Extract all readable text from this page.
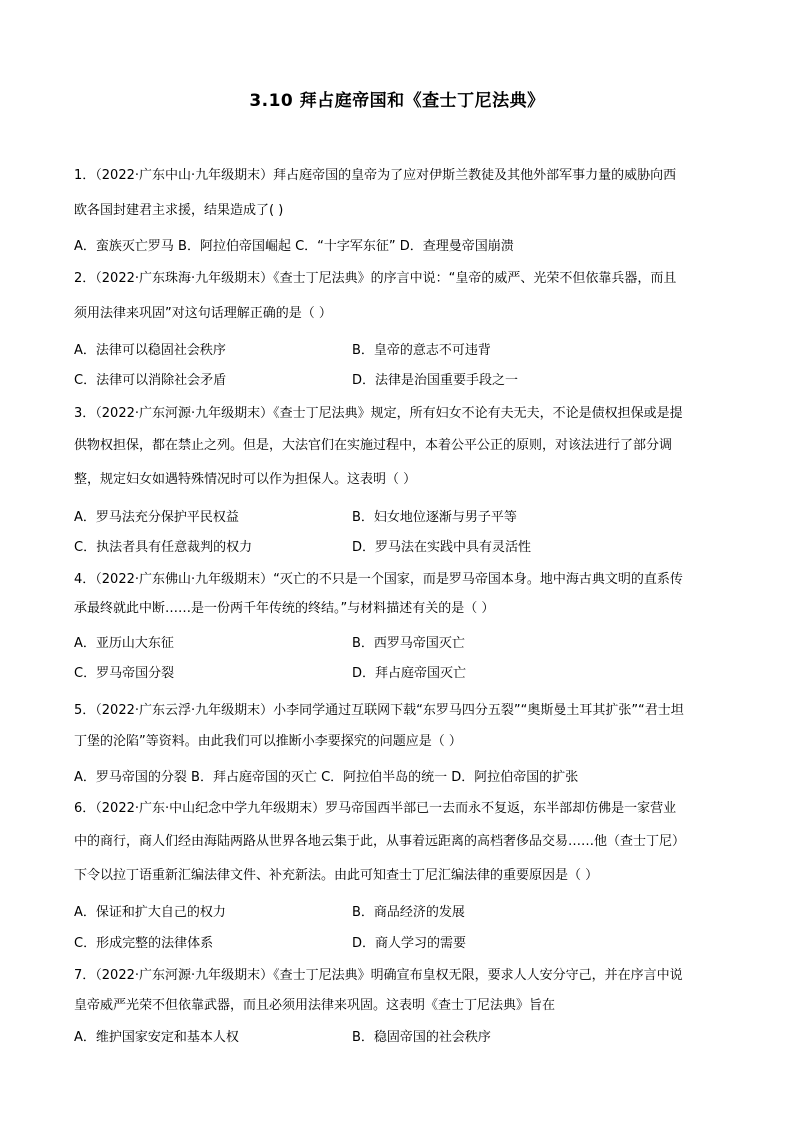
3.10 拜占庭帝国和《查士丁尼法典》
1．（2022·广东中山·九年级期末）拜占庭帝国的皇帝为了应对伊斯兰教徒及其他外部军事力量的威胁向西
欧各国封建君主求援，结果造成了( )
A．蛮族灭亡罗马 B．阿拉伯帝国崛起 C．“十字军东征” D．查理曼帝国崩溃
2．（2022·广东珠海·九年级期末）《查士丁尼法典》的序言中说：“皇帝的威严、光荣不但依靠兵器，而且
须用法律来巩固”对这句话理解正确的是（ ）
A．法律可以稳固社会秩序	B．皇帝的意志不可违背
C．法律可以消除社会矛盾	D．法律是治国重要手段之一
3．（2022·广东河源·九年级期末）《查士丁尼法典》规定，所有妇女不论有夫无夫，不论是债权担保或是提
供物权担保，都在禁止之列。但是，大法官们在实施过程中，本着公平公正的原则，对该法进行了部分调
整，规定妇女如遇特殊情况时可以作为担保人。这表明（ ）
A．罗马法充分保护平民权益	B．妇女地位逐渐与男子平等
C．执法者具有任意裁判的权力	D．罗马法在实践中具有灵活性
4．（2022·广东佛山·九年级期末）“灭亡的不只是一个国家，而是罗马帝国本身。地中海古典文明的直系传
承最终就此中断……是一份两千年传统的终结。”与材料描述有关的是（ ）
A．亚历山大东征	B．西罗马帝国灭亡
C．罗马帝国分裂	D．拜占庭帝国灭亡
5．（2022·广东云浮·九年级期末）小李同学通过互联网下载“东罗马四分五裂”“奥斯曼土耳其扩张”“君士坦
丁堡的沦陷”等资料。由此我们可以推断小李要探究的问题应是（ ）
A．罗马帝国的分裂 B．拜占庭帝国的灭亡 C．阿拉伯半岛的统一 D．阿拉伯帝国的扩张
6．（2022·广东·中山纪念中学九年级期末）罗马帝国西半部已一去而永不复返，东半部却仿佛是一家营业
中的商行，商人们经由海陆两路从世界各地云集于此，从事着远距离的高档奢侈品交易……他（查士丁尼）
下令以拉丁语重新汇编法律文件、补充新法。由此可知查士丁尼汇编法律的重要原因是（ ）
A．保证和扩大自己的权力	B．商品经济的发展
C．形成完整的法律体系	D．商人学习的需要
7．（2022·广东河源·九年级期末）《查士丁尼法典》明确宣布皇权无限，要求人人安分守己，并在序言中说
皇帝威严光荣不但依靠武器，而且必须用法律来巩固。这表明《查士丁尼法典》旨在
A．维护国家安定和基本人权	B．稳固帝国的社会秩序
